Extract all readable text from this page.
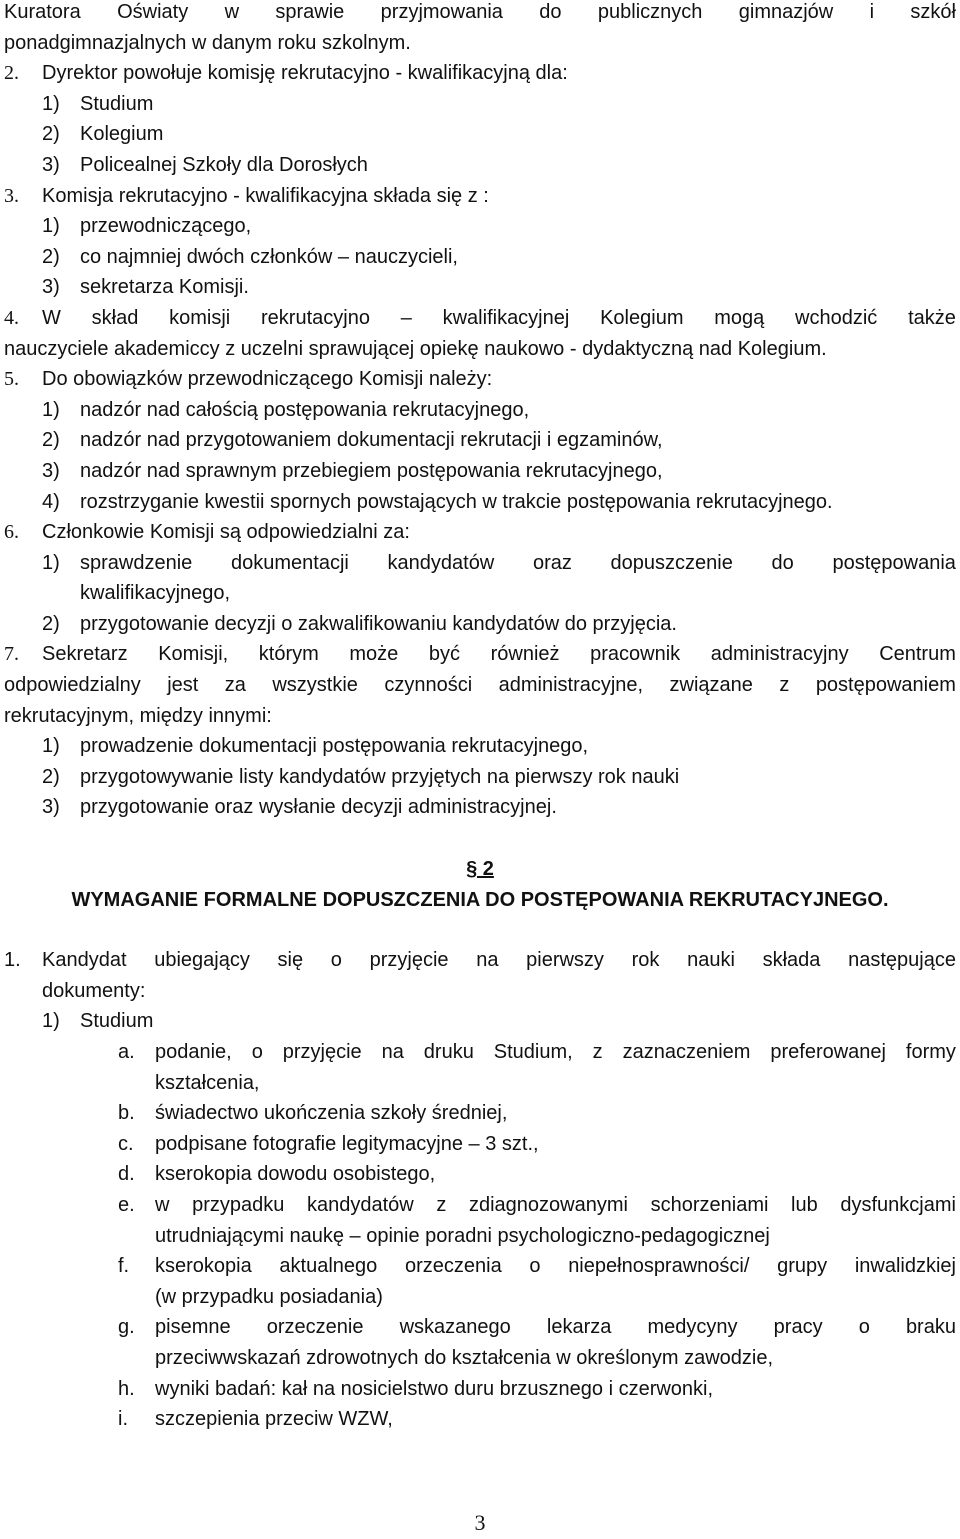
Kuratora Oświaty w sprawie przyjmowania do publicznych gimnazjów i szkół
ponadgimnazjalnych w danym roku szkolnym.
2. Dyrektor powołuje komisję rekrutacyjno - kwalifikacyjną dla:
1) Studium
2) Kolegium
3) Policealnej Szkoły dla Dorosłych
3. Komisja rekrutacyjno - kwalifikacyjna składa się z :
1) przewodniczącego,
2) co najmniej dwóch członków – nauczycieli,
3) sekretarza Komisji.
4.	W skład komisji rekrutacyjno – kwalifikacyjnej Kolegium mogą wchodzić także
nauczyciele akademiccy z uczelni sprawującej opiekę naukowo - dydaktyczną nad Kolegium.
5. Do obowiązków przewodniczącego Komisji należy:
1) nadzór nad całością postępowania rekrutacyjnego,
2) nadzór nad przygotowaniem dokumentacji rekrutacji i egzaminów,
3) nadzór nad sprawnym przebiegiem postępowania rekrutacyjnego,
4) rozstrzyganie kwestii spornych powstających w trakcie postępowania rekrutacyjnego.
6. Członkowie Komisji są odpowiedzialni za:
1)	sprawdzenie dokumentacji kandydatów oraz dopuszczenie do postępowania
kwalifikacyjnego,
2) przygotowanie decyzji o zakwalifikowaniu kandydatów do przyjęcia.
7.	Sekretarz Komisji, którym może być również pracownik administracyjny Centrum
odpowiedzialny jest za wszystkie czynności administracyjne, związane z postępowaniem
rekrutacyjnym, między innymi:
1) prowadzenie dokumentacji postępowania rekrutacyjnego,
2) przygotowywanie listy kandydatów przyjętych na pierwszy rok nauki
3) przygotowanie oraz wysłanie decyzji administracyjnej.
§ 2
WYMAGANIE FORMALNE DOPUSZCZENIA DO POSTĘPOWANIA REKRUTACYJNEGO.
1.	Kandydat ubiegający się o przyjęcie na pierwszy rok nauki składa następujące
dokumenty:
1) Studium
a.	podanie, o przyjęcie na druku Studium, z zaznaczeniem preferowanej formy
kształcenia,
b. świadectwo ukończenia szkoły średniej,
c. podpisane fotografie legitymacyjne – 3 szt.,
d. kserokopia dowodu osobistego,
e.	w przypadku kandydatów z zdiagnozowanymi schorzeniami lub dysfunkcjami
utrudniającymi naukę – opinie poradni psychologiczno-pedagogicznej
f.	kserokopia aktualnego orzeczenia o niepełnosprawności/ grupy inwalidzkiej
(w przypadku posiadania)
g.	pisemne orzeczenie wskazanego lekarza medycyny pracy o braku
przeciwwskazań zdrowotnych do kształcenia w określonym zawodzie,
h. wyniki badań: kał na nosicielstwo duru brzusznego i czerwonki,
i. szczepienia przeciw WZW,
3
